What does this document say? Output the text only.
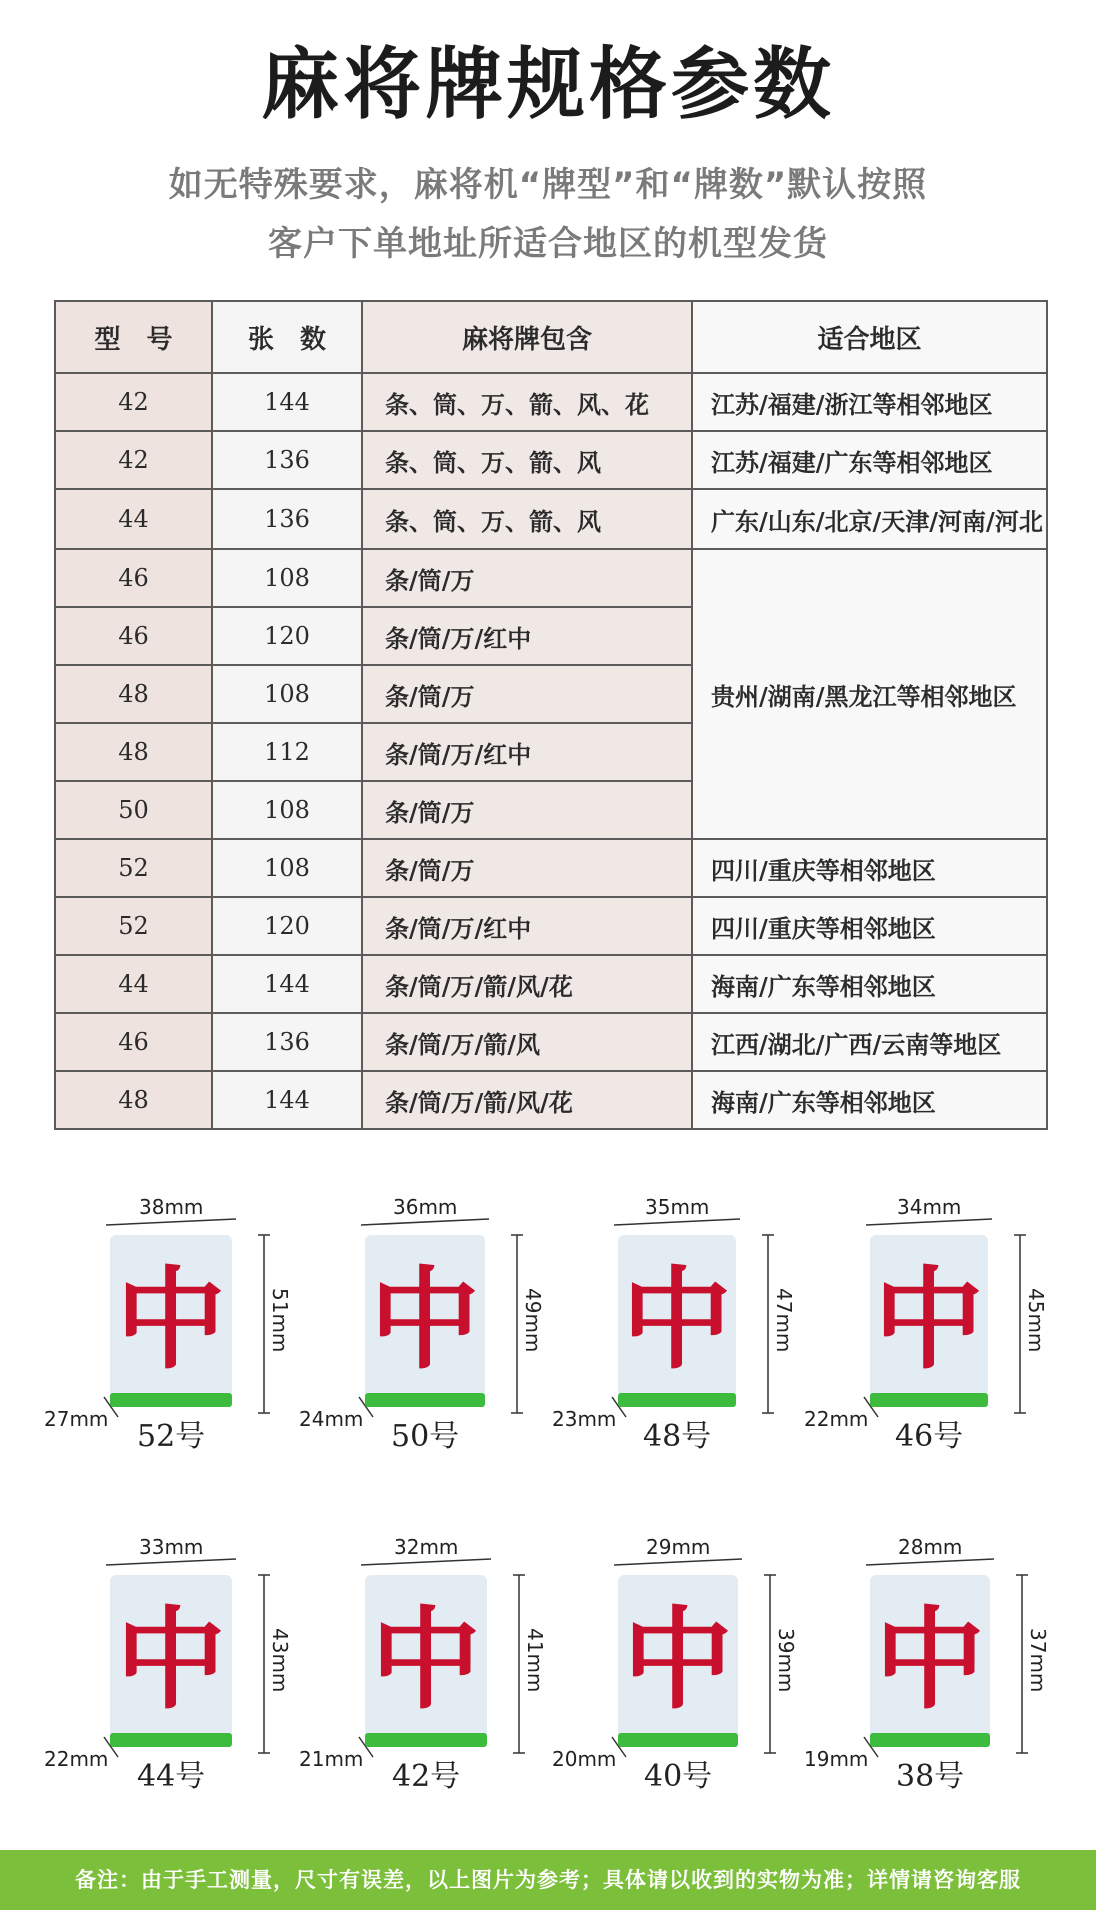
麻将牌规格参数
如无特殊要求，麻将机“牌型”和“牌数”默认按照
客户下单地址所适合地区的机型发货
型　号	张　数	麻将牌包含	适合地区
42	144	条、筒、万、箭、风、花	江苏/福建/浙江等相邻地区
42	136	条、筒、万、箭、风	江苏/福建/广东等相邻地区
44	136	条、筒、万、箭、风	广东/山东/北京/天津/河南/河北
46	108	条/筒/万	贵州/湖南/黑龙江等相邻地区
46	120	条/筒/万/红中	
48	108	条/筒/万	
48	112	条/筒/万/红中	
50	108	条/筒/万	
52	108	条/筒/万	四川/重庆等相邻地区
52	120	条/筒/万/红中	四川/重庆等相邻地区
44	144	条/筒/万/箭/风/花	海南/广东等相邻地区
46	136	条/筒/万/箭/风	江西/湖北/广西/云南等地区
48	144	条/筒/万/箭/风/花	海南/广东等相邻地区
中
38mm
51mm
27mm 52号
中
36mm
49mm
24mm 50号
中
35mm
47mm
23mm 48号
中
34mm
45mm
22mm 46号
中
33mm
43mm
22mm 44号
中
32mm
41mm
21mm 42号
中
29mm
39mm
20mm 40号
中
28mm
37mm
19mm 38号
备注：由于手工测量，尺寸有误差，以上图片为参考；具体请以收到的实物为准；详情请咨询客服
